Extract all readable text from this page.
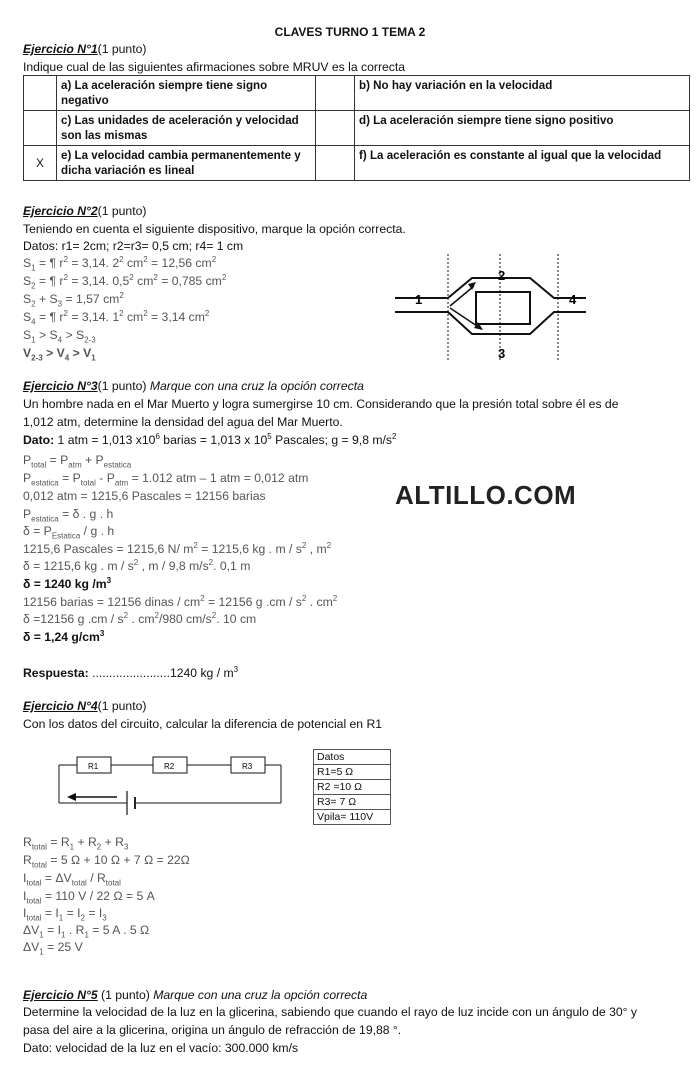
CLAVES TURNO 1 TEMA 2
Ejercicio N°1(1 punto)
Indique cual de las siguientes afirmaciones sobre MRUV es la correcta
	a) La aceleración siempre tiene signo negativo		b) No hay variación en la velocidad
	c) Las unidades de aceleración y velocidad son las mismas		d) La aceleración siempre tiene signo positivo
X	e) La velocidad cambia permanentemente y dicha variación es lineal		f) La aceleración es constante al igual que la velocidad
Ejercicio N°2(1 punto)
Teniendo en cuenta el siguiente dispositivo, marque la opción correcta.
Datos: r1= 2cm; r2=r3= 0,5 cm; r4= 1 cm
$S_1$ = ¶ $r^2 = 3,14$. $2^2$ $cm^2 = 12,56$ $cm^2$
$S_2$ = ¶ $r^2 = 3,14$. $0,5^2$ $cm^2 = 0,785$ $cm^2$
$S_2 + S_3 = 1,57$ $cm^2$
$S_4$ = ¶ $r^2 = 3,14$. $1^2$ $cm^2 = 3,14$ $cm^2$
$S_1 > S_4 > S_{2-3}$
$V_{2-3} > V_4 > V_1$
1
2
3
4
Ejercicio N°3(1 punto) Marque con una cruz la opción correcta
Un hombre nada en el Mar Muerto y logra sumergirse 10 cm. Considerando que la presión total sobre él es de
1,012 atm, determine la densidad del agua del Mar Muerto.
Dato: 1 atm = 1,013 $x10^6$ barias = 1,013 x $10^5$ Pascales; g = 9,8 $m/s^2$
$P_{total} = P_{atm} + P_{estatica}$
$P_{estatica} = P_{total} - P_{atm} = 1.012$ atm – 1 atm = 0,012 atm
0,012 atm = 1215,6 Pascales = 12156 barias
$P_{estatica} = \delta$ . g . h
$\delta = P_{Estatica} / g$ . h
1215,6 Pascales = 1215,6 N/ $m^2 = 1215,6$ kg . m / $s^2$ , $m^2$
δ = 1215,6 kg . m / $s^2$ , m / 9,8 $m/s^2$. 0,1 m
δ = 1240 kg $/m^3$
12156 barias = 12156 dinas / $cm^2 = 12156$ g .cm / $s^2$ . $cm^2$
δ =12156 g .cm / $s^2$ . $cm^2/980$ $cm/s^2$. 10 cm
δ = 1,24 $g/cm^3$
Respuesta: .......................1240 kg / $m^3$
ALTILLO.COM
Ejercicio N°4(1 punto)
Con los datos del circuito, calcular la diferencia de potencial en R1
R1	R2	R3
Datos
R1=5 Ω
R2 =10 Ω
R3= 7 Ω
Vpila= 110V
$R_{total} = R_1 + R_2 + R_3$
$R_{total} = 5$ Ω + 10 Ω + 7 Ω = 22Ω
$I_{total} = \Delta V_{total} / R_{total}$
$I_{total} = 110$ V / 22 Ω = 5 A
$I_{total} = I_1 = I_2 = I_3$
$\Delta V_1 = I_1$ . $R_1 = 5$ A . 5 Ω
$\Delta V_1 = 25$ V
Ejercicio N°5 (1 punto) Marque con una cruz la opción correcta
Determine la velocidad de la luz en la glicerina, sabiendo que cuando el rayo de luz incide con un ángulo de 30° y
pasa del aire a la glicerina, origina un ángulo de refracción de 19,88 °.
Dato: velocidad de la luz en el vacío: 300.000 km/s
